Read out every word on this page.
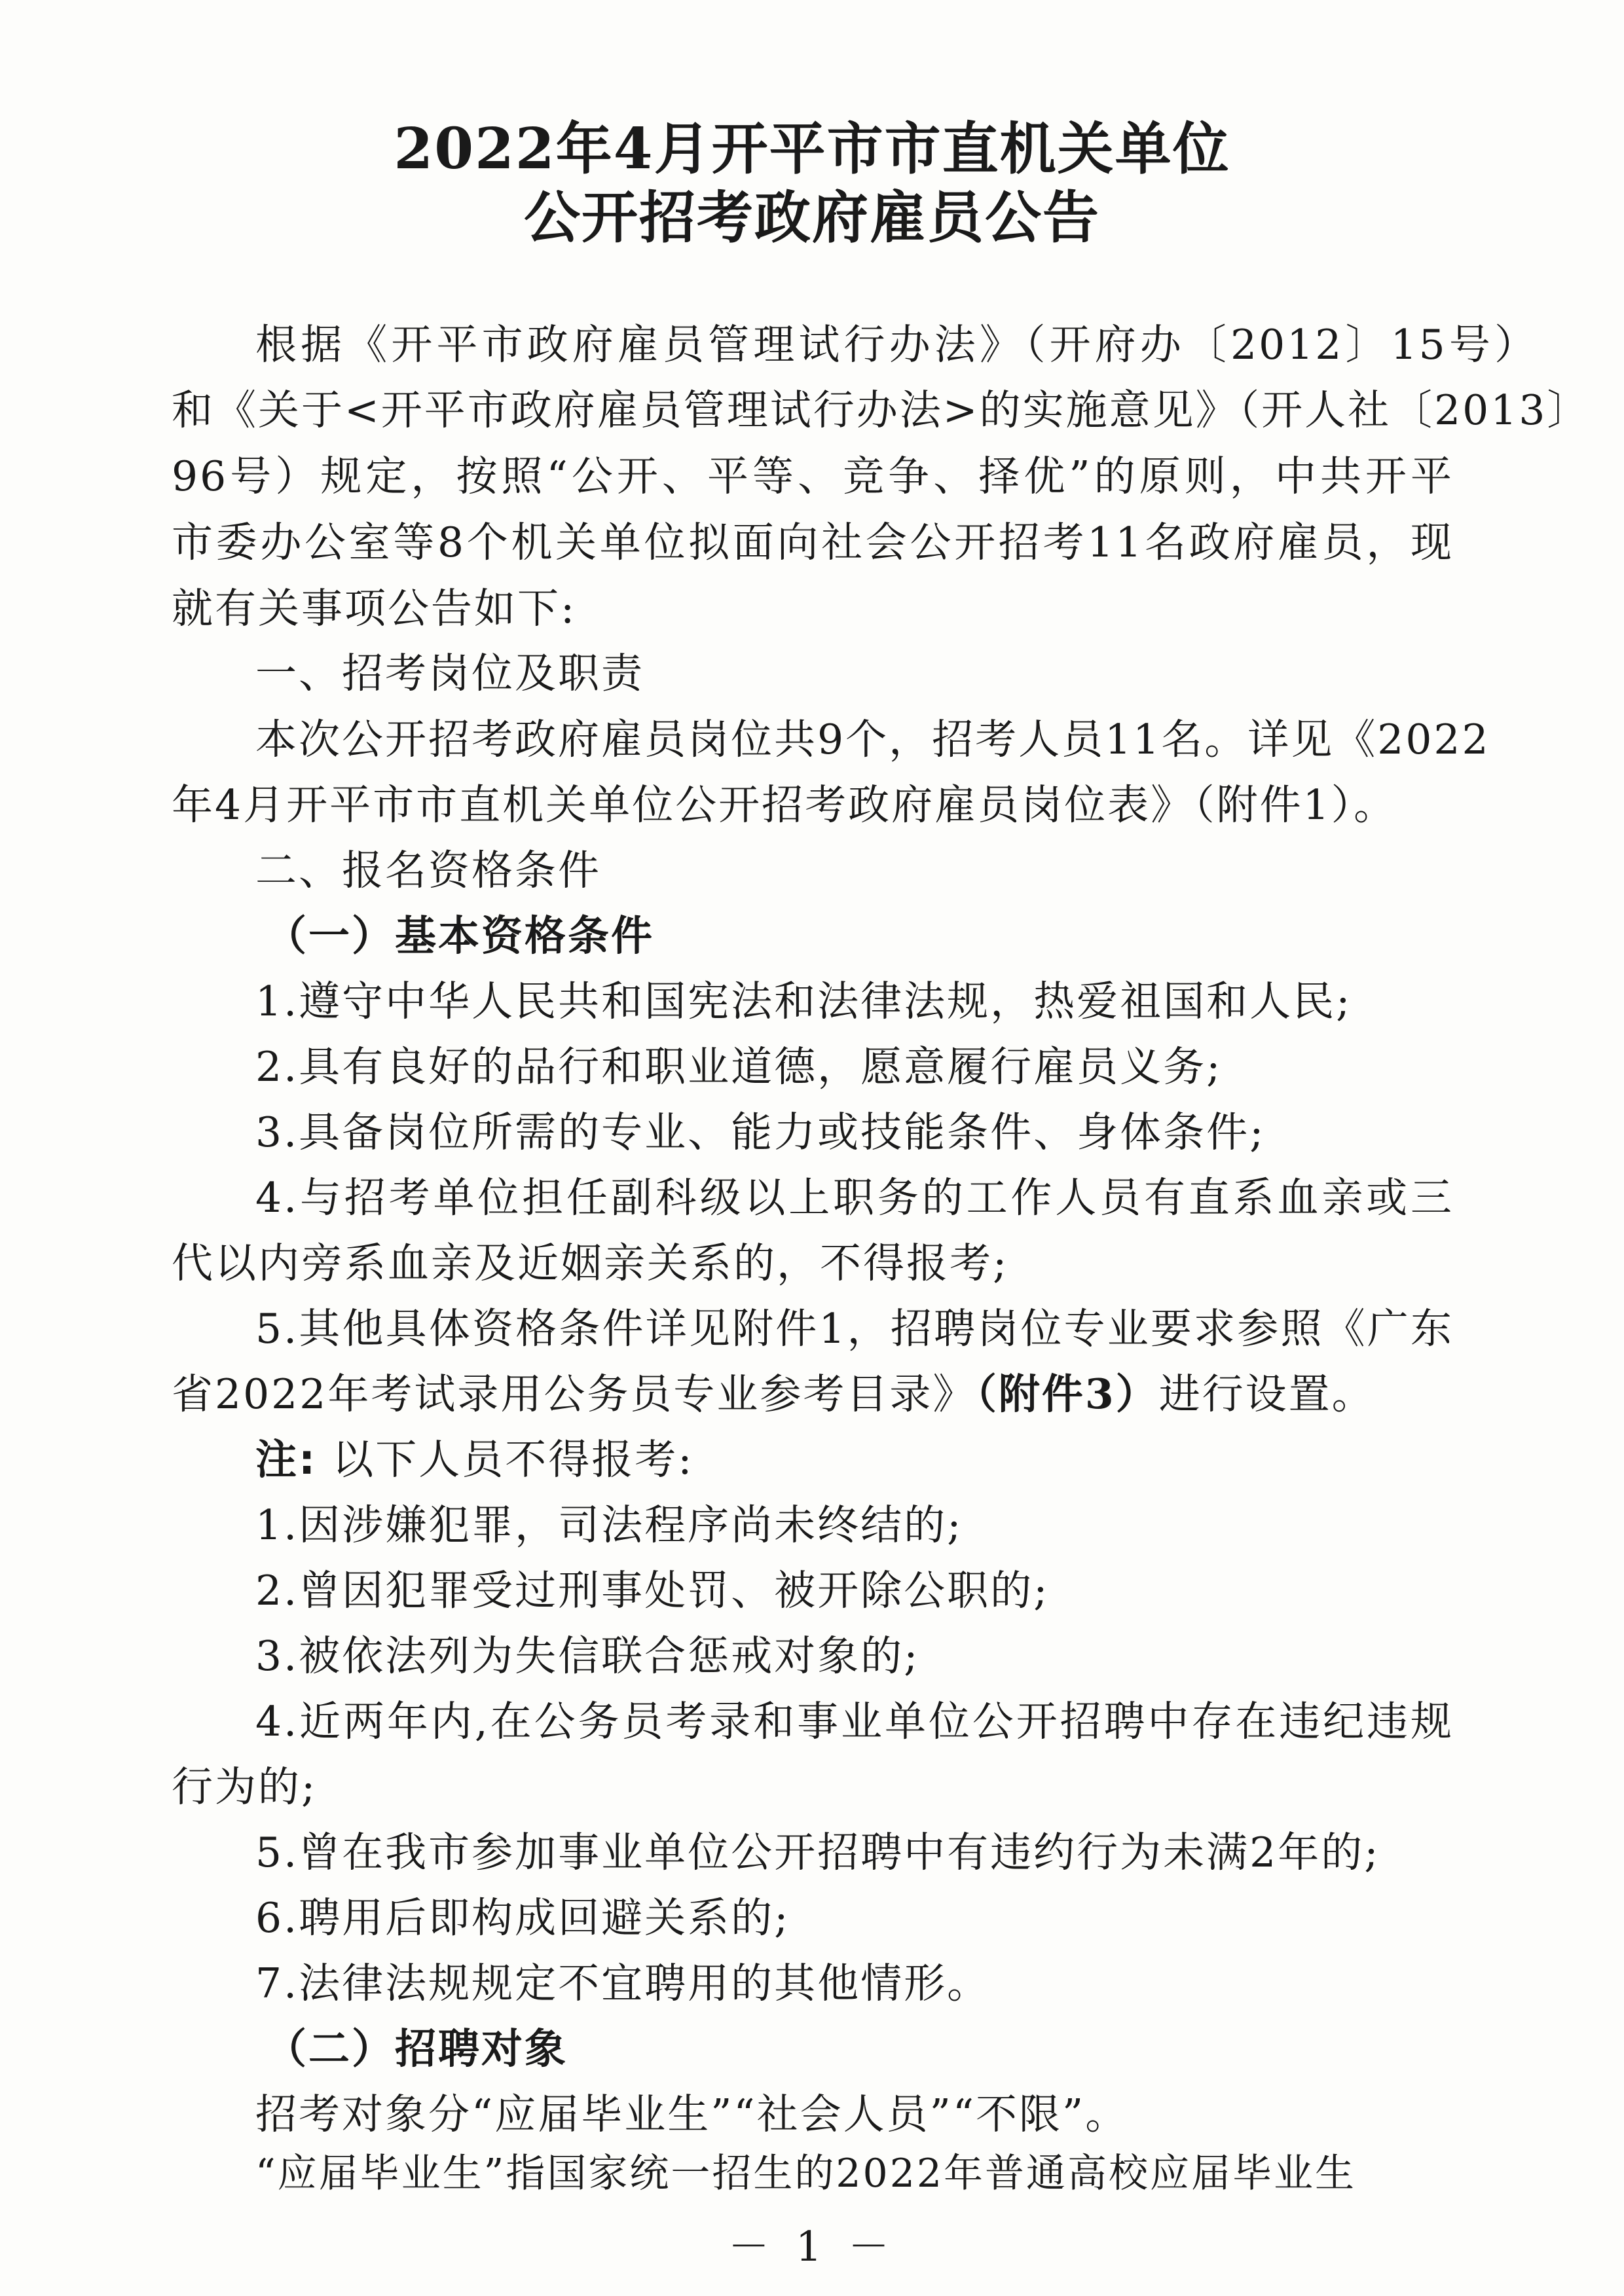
2022年4月开平市市直机关单位
公开招考政府雇员公告
根据《开平市政府雇员管理试行办法》（开府办〔2012〕15号）
和《关于<开平市政府雇员管理试行办法>的实施意见》（开人社〔2013〕
96号）规定，按照“公开、平等、竞争、择优”的原则，中共开平
市委办公室等8个机关单位拟面向社会公开招考11名政府雇员，现
就有关事项公告如下:
一、招考岗位及职责
本次公开招考政府雇员岗位共9个，招考人员11名。详见《2022
年4月开平市市直机关单位公开招考政府雇员岗位表》（附件1）。
二、报名资格条件
（一）基本资格条件
1.遵守中华人民共和国宪法和法律法规，热爱祖国和人民;
2.具有良好的品行和职业道德，愿意履行雇员义务;
3.具备岗位所需的专业、能力或技能条件、身体条件;
4.与招考单位担任副科级以上职务的工作人员有直系血亲或三
代以内旁系血亲及近姻亲关系的，不得报考;
5.其他具体资格条件详见附件1，招聘岗位专业要求参照《广东
省2022年考试录用公务员专业参考目录》（附件3）进行设置。
注: 以下人员不得报考:
1.因涉嫌犯罪，司法程序尚未终结的;
2.曾因犯罪受过刑事处罚、被开除公职的;
3.被依法列为失信联合惩戒对象的;
4.近两年内,在公务员考录和事业单位公开招聘中存在违纪违规
行为的;
5.曾在我市参加事业单位公开招聘中有违约行为未满2年的;
6.聘用后即构成回避关系的;
7.法律法规规定不宜聘用的其他情形。
（二）招聘对象
招考对象分“应届毕业生”“社会人员”“不限”。
“应届毕业生”指国家统一招生的2022年普通高校应届毕业生
－ 1 －
